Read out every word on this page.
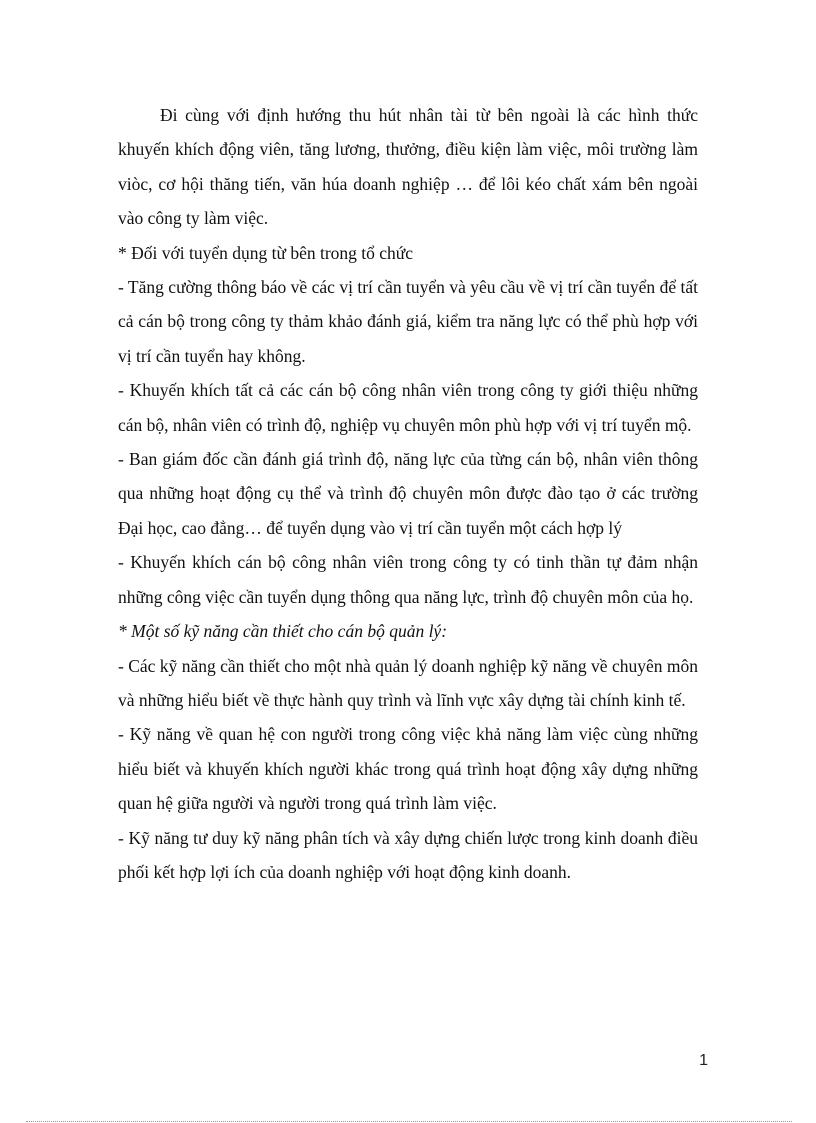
Đi cùng với định hướng thu hút nhân tài từ bên ngoài là các hình thức khuyến khích động viên, tăng lương, thưởng, điều kiện làm việc, môi trường làm viòc, cơ hội thăng tiến, văn húa doanh nghiệp … để lôi kéo chất xám bên ngoài vào công ty làm việc.

* Đối với tuyển dụng từ bên trong tổ chức

- Tăng cường thông báo về các vị trí cần tuyển và yêu cầu về vị trí cần tuyển để tất cả cán bộ trong công ty thảm khảo đánh giá, kiểm tra năng lực có thể phù hợp với vị trí cần tuyển hay không.

- Khuyến khích tất cả các cán bộ công nhân viên trong công ty giới thiệu những cán bộ, nhân viên có trình độ, nghiệp vụ chuyên môn phù hợp với vị trí tuyển mộ.

- Ban giám đốc cần đánh giá trình độ, năng lực của từng cán bộ, nhân viên thông qua những hoạt động cụ thể và trình độ chuyên môn được đào tạo ở các trường Đại học, cao đẳng… để tuyển dụng vào vị trí cần tuyển một cách hợp lý

- Khuyến khích cán bộ công nhân viên trong công ty có tinh thần tự đảm nhận những công việc cần tuyển dụng thông qua năng lực, trình độ chuyên môn của họ.

* Một số kỹ năng cần thiết cho cán bộ quản lý:

- Các kỹ năng cần thiết cho một nhà quản lý doanh nghiệp kỹ năng về chuyên môn và những hiểu biết về thực hành quy trình và lĩnh vực xây dựng tài chính kinh tế.

- Kỹ năng về quan hệ con người trong công việc khả năng làm việc cùng những hiểu biết và khuyến khích người khác trong quá trình hoạt động xây dựng những quan hệ giữa người và người trong quá trình làm việc.

- Kỹ năng tư duy kỹ năng phân tích và xây dựng chiến lược trong kinh doanh điều phối kết hợp lợi ích của doanh nghiệp với hoạt động kinh doanh.

1
